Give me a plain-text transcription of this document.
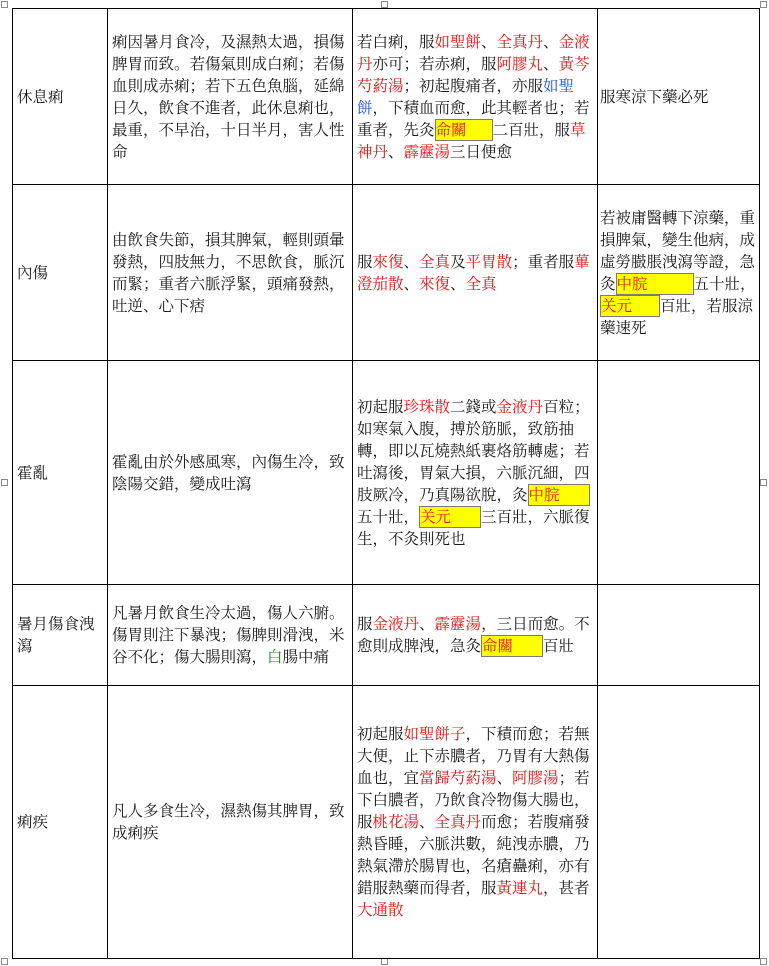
休息痢	痢因暑月食冷，及濕熱太過，損傷脾胃而致。若傷氣則成白痢；若傷血則成赤痢；若下五色魚腦，延綿日久，飲食不進者，此休息痢也，最重，不早治，十日半月，害人性命	若白痢，服如聖餅、全真丹、金液丹亦可；若赤痢，服阿膠丸、黃芩芍葯湯；初起腹痛者，亦服如聖餅，下積血而愈，此其輕者也；若重者，先灸命關 二百壯，服草神丹、霹靂湯三日便愈	服寒涼下藥必死
內傷	由飲食失節，損其脾氣，輕則頭暈發熱，四肢無力，不思飲食，脈沉而緊；重者六脈浮緊，頭痛發熱，吐逆、心下痞	服來復、全真及平胃散；重者服蓽澄茄散、來復、全真	若被庸醫轉下涼藥，重損脾氣，變生他病，成虛勞臌脹洩瀉等證，急灸中脘 五十壯，关元 百壯，若服涼藥速死
霍亂	霍亂由於外感風寒，內傷生冷，致陰陽交錯，變成吐瀉	初起服珍珠散二錢或金液丹百粒；如寒氣入腹，搏於筋脈，致筋抽轉，即以瓦燒熱紙裹烙筋轉處；若吐瀉後，胃氣大損，六脈沉細，四肢厥冷，乃真陽欲脫，灸中脘五十壯，关元 三百壯，六脈復生，不灸則死也	
暑月傷食洩瀉	凡暑月飲食生冷太過，傷人六腑。傷胃則注下暴洩；傷脾則滑洩，米谷不化；傷大腸則瀉，白腸中痛	服金液丹、霹靂湯，三日而愈。不愈則成脾洩，急灸命關 百壯	
痢疾	凡人多食生冷，濕熱傷其脾胃，致成痢疾	初起服如聖餅子，下積而愈；若無大便，止下赤膿者，乃胃有大熱傷血也，宜當歸芍葯湯、阿膠湯；若下白膿者，乃飲食冷物傷大腸也，服桃花湯、全真丹而愈；若腹痛發熱昏睡，六脈洪數，純洩赤膿，乃熱氣滯於腸胃也，名瘡蠱痢，亦有錯服熱藥而得者，服黃連丸，甚者大通散	
